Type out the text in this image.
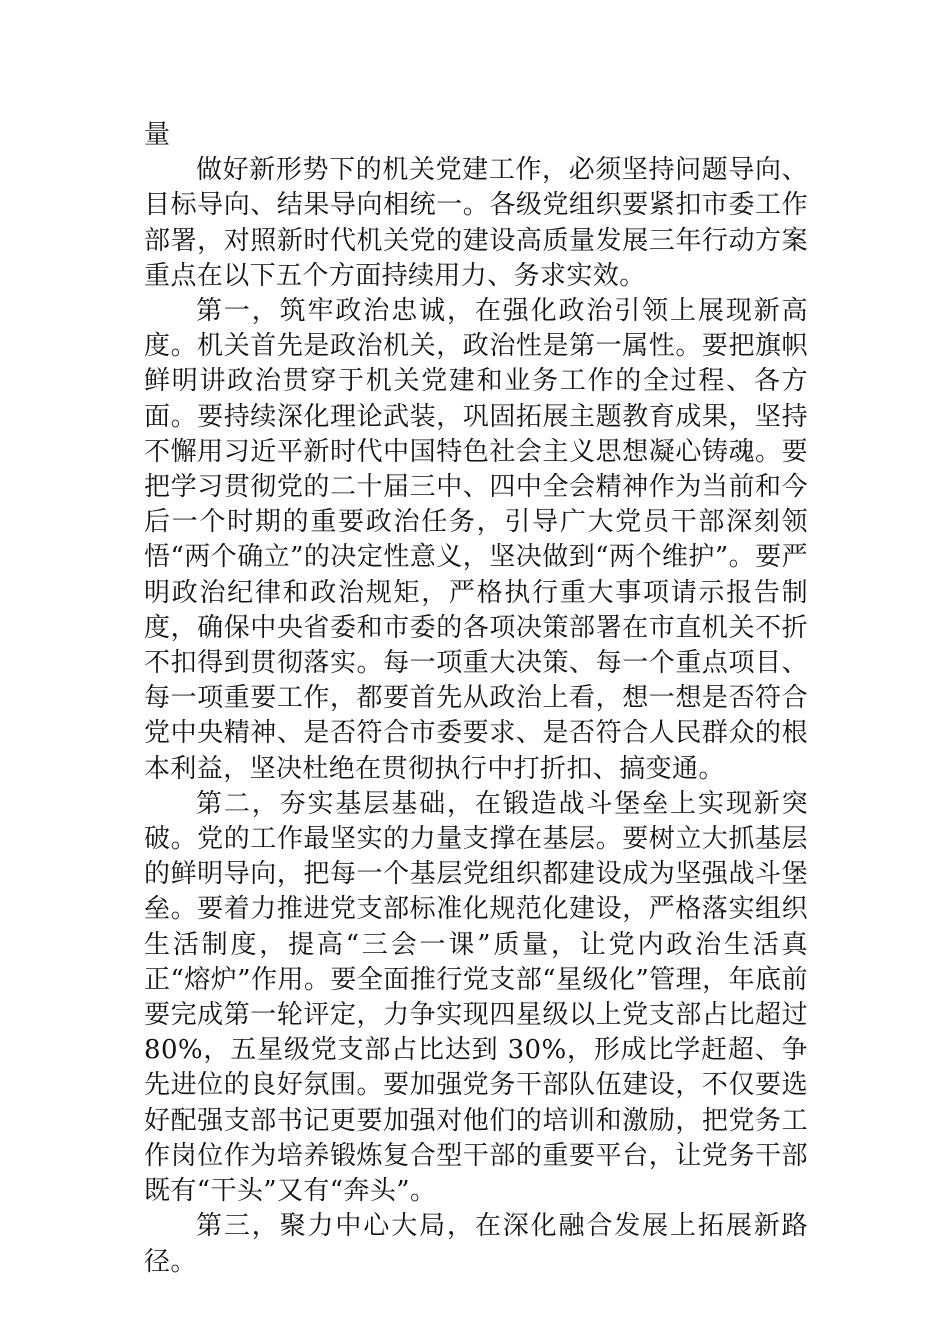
量

做好新形势下的机关党建工作，必须坚持问题导向、目标导向、结果导向相统一。各级党组织要紧扣市委工作部署，对照新时代机关党的建设高质量发展三年行动方案重点在以下五个方面持续用力、务求实效。

第一，筑牢政治忠诚，在强化政治引领上展现新高度。机关首先是政治机关，政治性是第一属性。要把旗帜鲜明讲政治贯穿于机关党建和业务工作的全过程、各方面。要持续深化理论武装，巩固拓展主题教育成果，坚持不懈用习近平新时代中国特色社会主义思想凝心铸魂。要把学习贯彻党的二十届三中、四中全会精神作为当前和今后一个时期的重要政治任务，引导广大党员干部深刻领悟“两个确立”的决定性意义，坚决做到“两个维护”。要严明政治纪律和政治规矩，严格执行重大事项请示报告制度，确保中央省委和市委的各项决策部署在市直机关不折不扣得到贯彻落实。每一项重大决策、每一个重点项目、每一项重要工作，都要首先从政治上看，想一想是否符合党中央精神、是否符合市委要求、是否符合人民群众的根本利益，坚决杜绝在贯彻执行中打折扣、搞变通。

第二，夯实基层基础，在锻造战斗堡垒上实现新突破。党的工作最坚实的力量支撑在基层。要树立大抓基层的鲜明导向，把每一个基层党组织都建设成为坚强战斗堡垒。要着力推进党支部标准化规范化建设，严格落实组织生活制度，提高“三会一课”质量，让党内政治生活真正“熔炉”作用。要全面推行党支部“星级化”管理，年底前要完成第一轮评定，力争实现四星级以上党支部占比超过 80%，五星级党支部占比达到 30%，形成比学赶超、争先进位的良好氛围。要加强党务干部队伍建设，不仅要选好配强支部书记更要加强对他们的培训和激励，把党务工作岗位作为培养锻炼复合型干部的重要平台，让党务干部既有“干头”又有“奔头”。

第三，聚力中心大局，在深化融合发展上拓展新路径。
